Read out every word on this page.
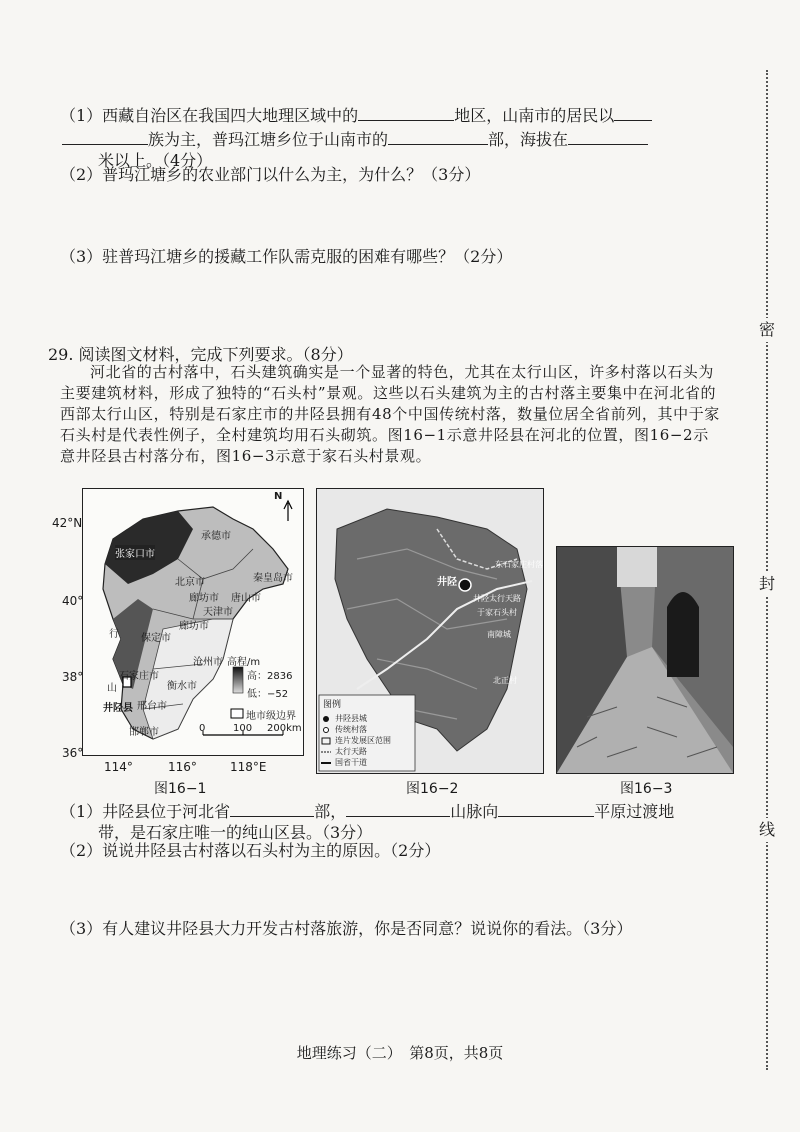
（1）西藏自治区在我国四大地理区域中的	地区，山南市的居民以
族为主，普玛江塘乡位于山南市的	部，海拔在
米以上。（4分）
（2）普玛江塘乡的农业部门以什么为主，为什么？（3分）
（3）驻普玛江塘乡的援藏工作队需克服的困难有哪些？（2分）
29. 阅读图文材料，完成下列要求。（8分）

河北省的古村落中，石头建筑确实是一个显著的特色，尤其在太行山区，许多村落以石头为主要建筑材料，形成了独特的“石头村”景观。这些以石头建筑为主的古村落主要集中在河北省的西部太行山区，特别是石家庄市的井陉县拥有48个中国传统村落，数量位居全省前列，其中于家石头村是代表性例子，全村建筑均用石头砌筑。图16−1示意井陉县在河北的位置，图16−2示意井陉县古村落分布，图16−3示意于家石头村景观。

N
承德市
张家口市
秦皇岛市
北京市
唐山市
廊坊市
天津市
保定市
廊坊市
沧州市
石家庄市
衡水市
邢台市
邯郸市
山
行
井陉县
高程/m
高：2836
低：−52
地市级边界
0	100 200km
42°N
40°
38°
36°
114°	116°	118°E
图16−1
井陉
井陉太行天路
于家石头村
东石家庄村落
南障城
北正村
图例
井陉县城
传统村落
连片发展区范围
太行天路
国省干道
图16−2	图16−3
（1）井陉县位于河北省	部，	山脉向	平原过渡地
带，是石家庄唯一的纯山区县。（3分）
（2）说说井陉县古村落以石头村为主的原因。（2分）
（3）有人建议井陉县大力开发古村落旅游，你是否同意？说说你的看法。（3分）
密
封
线
地理练习（二）　第8页，共8页
